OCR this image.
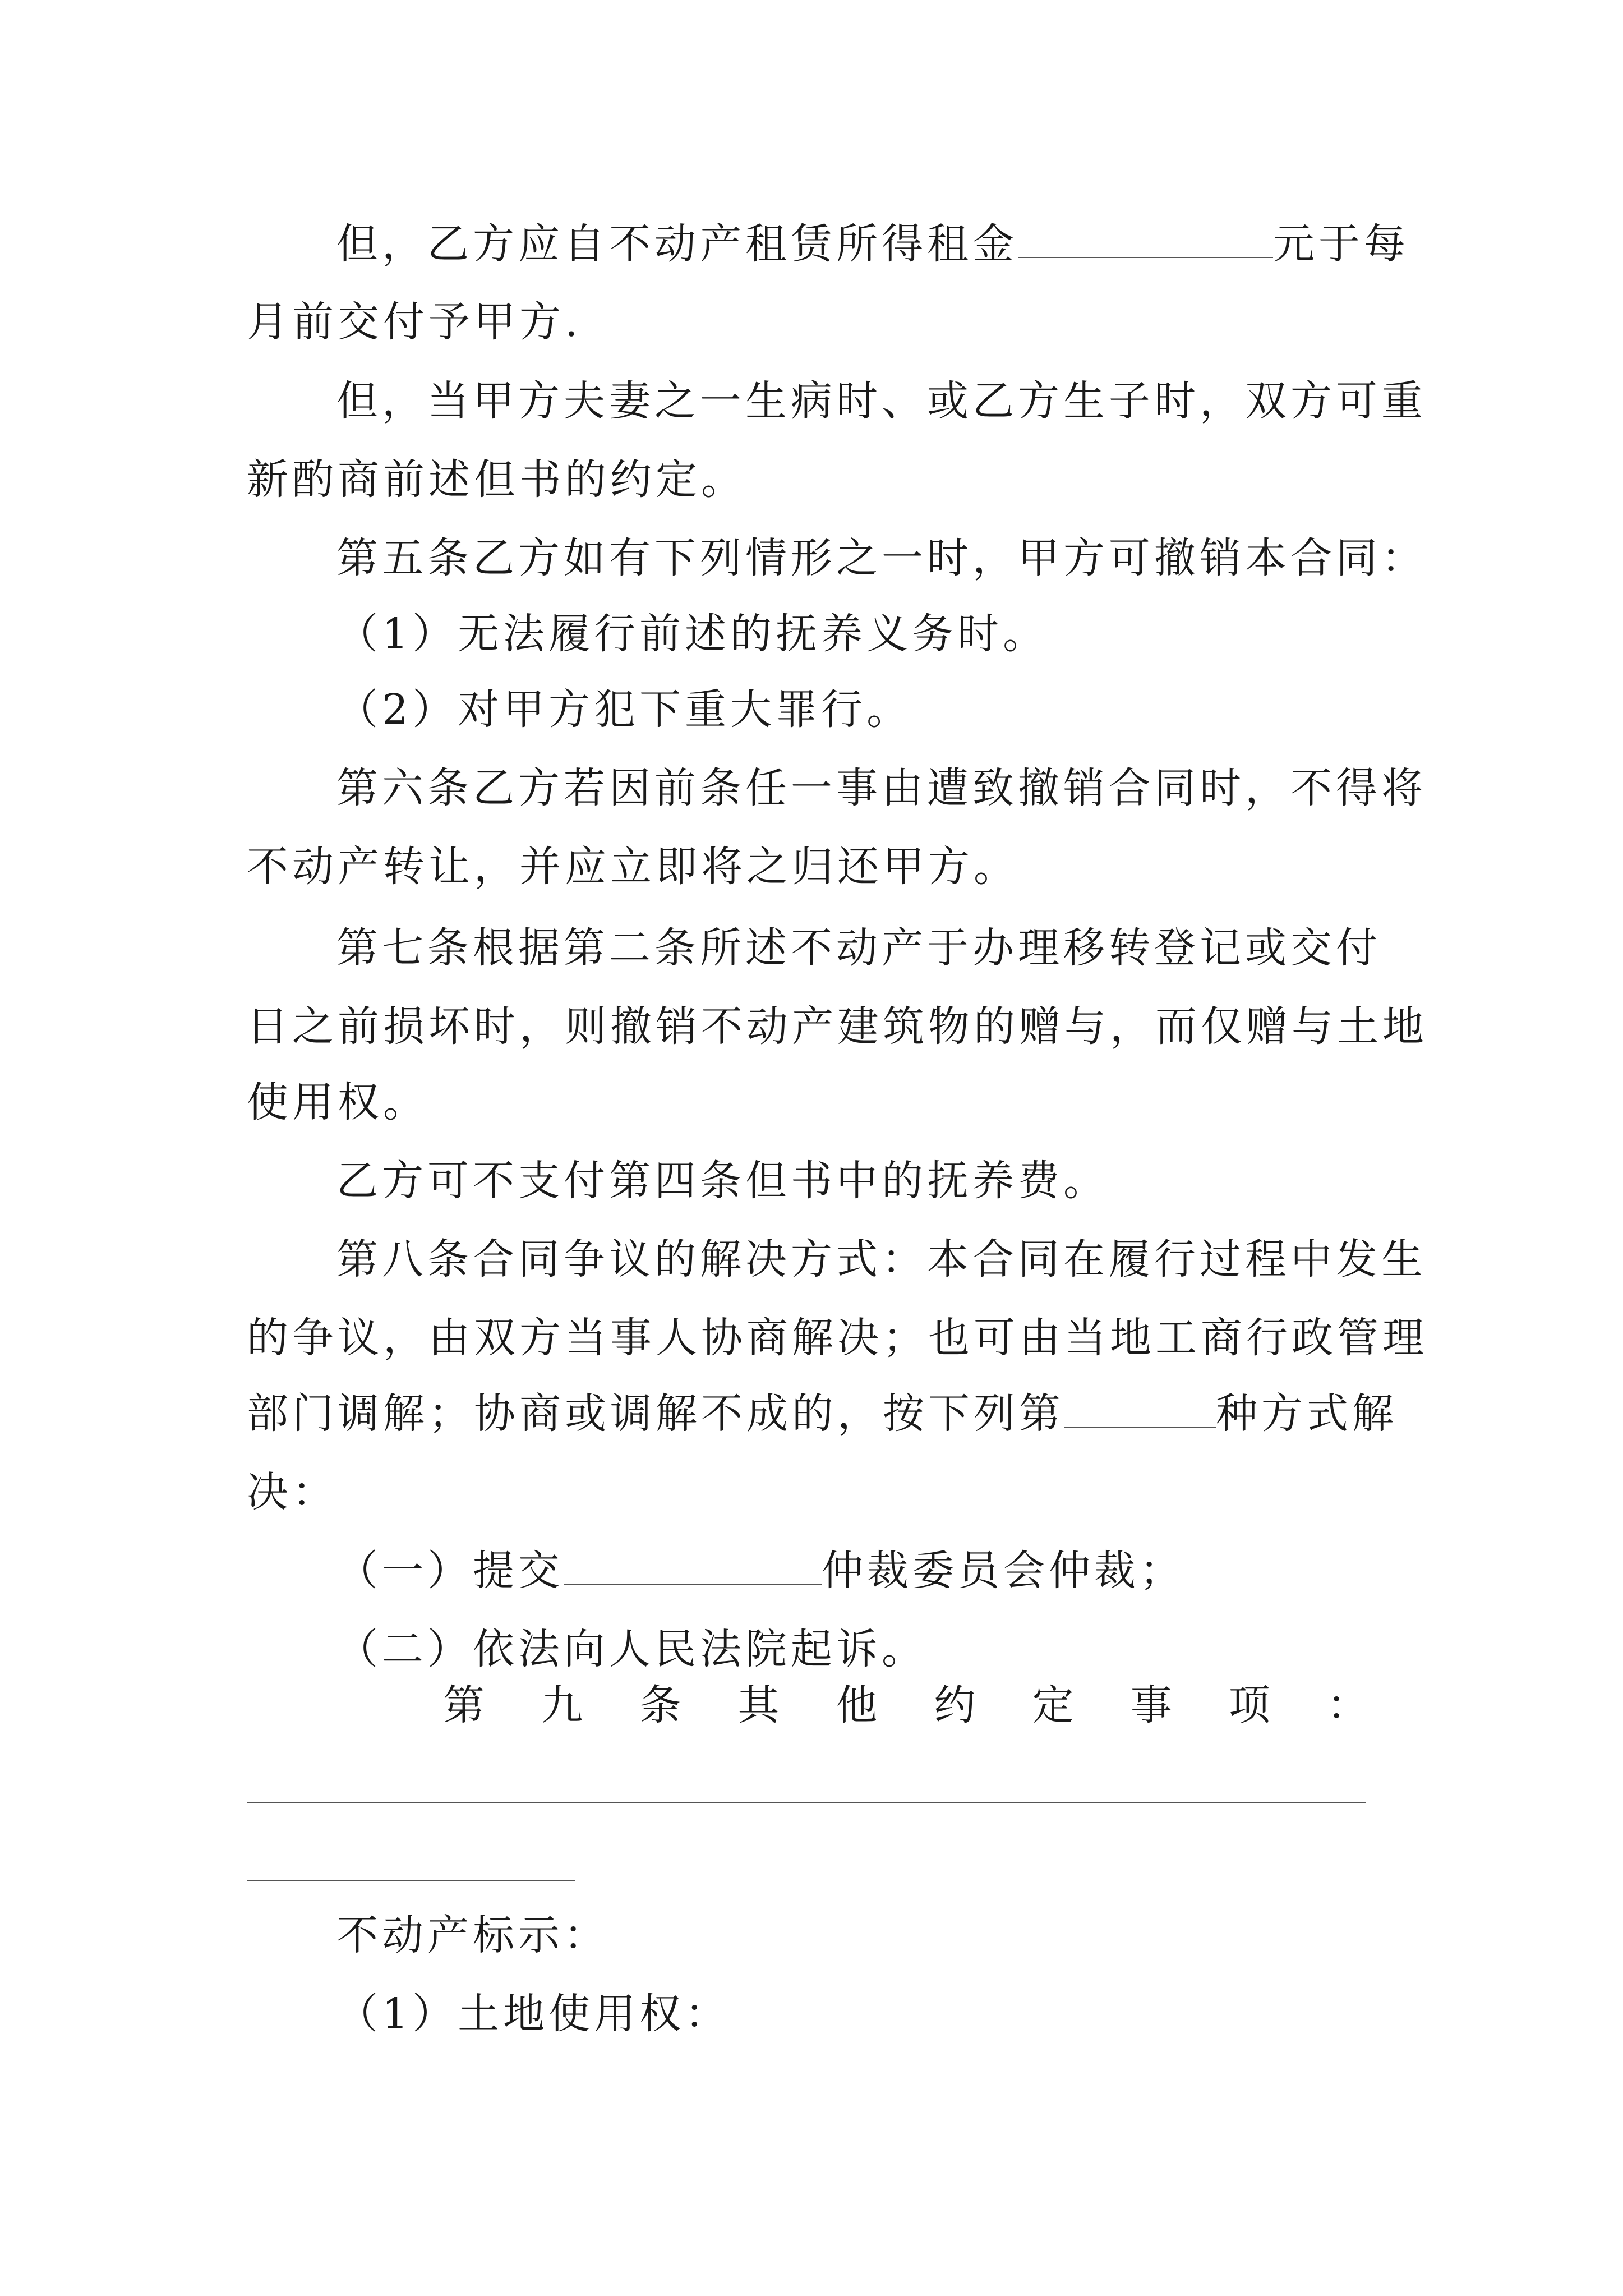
但，乙方应自不动产租赁所得租金	元于每
月前交付予甲方.
但，当甲方夫妻之一生病时、或乙方生子时，双方可重
新酌商前述但书的约定。
第五条乙方如有下列情形之一时，甲方可撤销本合同：
（1）无法履行前述的抚养义务时。
（2）对甲方犯下重大罪行。
第六条乙方若因前条任一事由遭致撤销合同时，不得将
不动产转让，并应立即将之归还甲方。
第七条根据第二条所述不动产于办理移转登记或交付
日之前损坏时，则撤销不动产建筑物的赠与，而仅赠与土地
使用权。
乙方可不支付第四条但书中的抚养费。
第八条合同争议的解决方式：本合同在履行过程中发生
的争议，由双方当事人协商解决；也可由当地工商行政管理
部门调解；协商或调解不成的，按下列第	种方式解
决：
（一）提交	仲裁委员会仲裁；
（二）依法向人民法院起诉。
第 九 条 其 他 约 定 事 项 ：
不动产标示：
（1）土地使用权：
